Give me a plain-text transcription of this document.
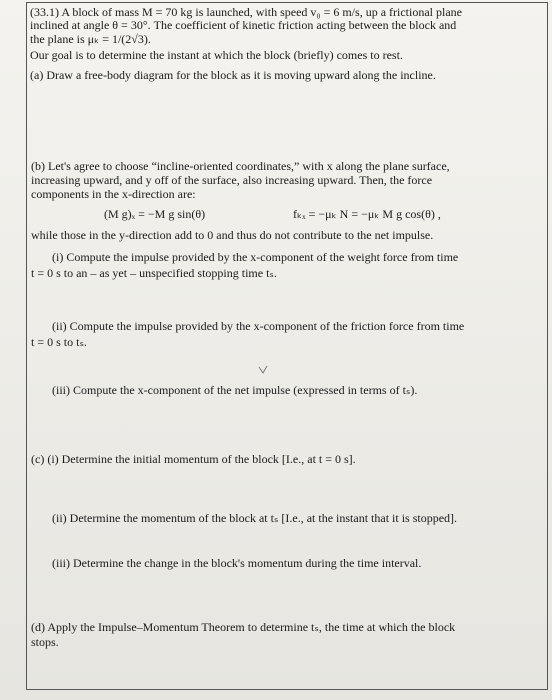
(33.1) A block of mass M = 70 kg is launched, with speed v₀ = 6 m/s, up a frictional plane
inclined at angle θ = 30°. The coefficient of kinetic friction acting between the block and
the plane is μₖ = 1/(2√3).
Our goal is to determine the instant at which the block (briefly) comes to rest.
(a) Draw a free-body diagram for the block as it is moving upward along the incline.
(b) Let's agree to choose “incline-oriented coordinates,” with x along the plane surface,
increasing upward, and y off of the surface, also increasing upward. Then, the force
components in the x-direction are:
(M g)ₓ = −M g sin(θ)	fₖₓ = −μₖ N = −μₖ M g cos(θ) ,
while those in the y-direction add to 0 and thus do not contribute to the net impulse.
(i) Compute the impulse provided by the x-component of the weight force from time
t = 0 s to an – as yet – unspecified stopping time tₛ.
(ii) Compute the impulse provided by the x-component of the friction force from time
t = 0 s to tₛ.
(iii) Compute the x-component of the net impulse (expressed in terms of tₛ).
(c) (i) Determine the initial momentum of the block [I.e., at t = 0 s].
(ii) Determine the momentum of the block at tₛ [I.e., at the instant that it is stopped].
(iii) Determine the change in the block's momentum during the time interval.
(d) Apply the Impulse–Momentum Theorem to determine tₛ, the time at which the block
stops.
